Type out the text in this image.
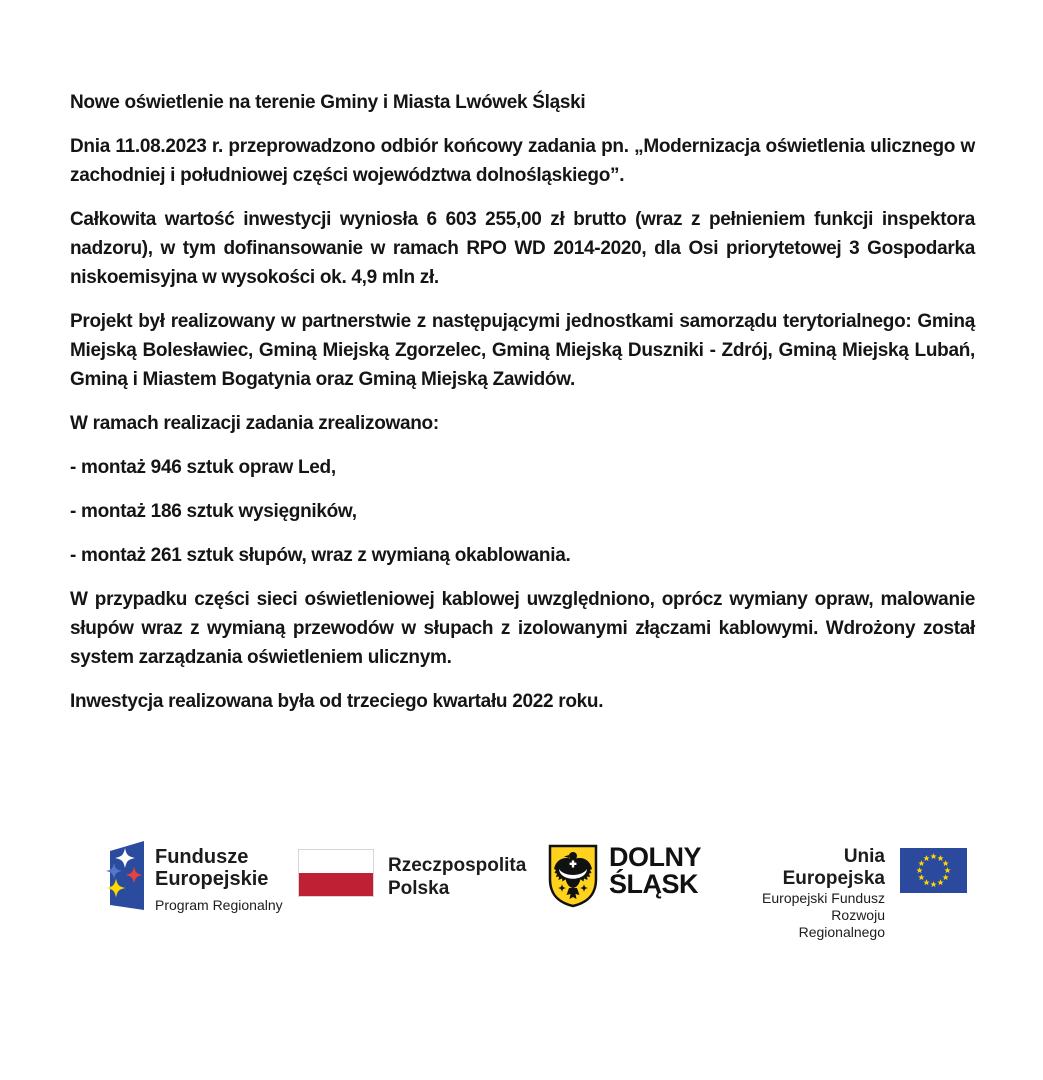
Nowe oświetlenie na terenie Gminy i Miasta Lwówek Śląski

Dnia 11.08.2023 r. przeprowadzono odbiór końcowy zadania pn. „Modernizacja oświetlenia ulicznego w zachodniej i południowej części województwa dolnośląskiego”.

Całkowita wartość inwestycji wyniosła 6 603 255,00 zł brutto (wraz z pełnieniem funkcji inspektora nadzoru), w tym dofinansowanie w ramach RPO WD 2014-2020, dla Osi priorytetowej 3 Gospodarka niskoemisyjna w wysokości ok. 4,9 mln zł.

Projekt był realizowany w partnerstwie z następującymi jednostkami samorządu terytorialnego: Gminą Miejską Bolesławiec, Gminą Miejską Zgorzelec, Gminą Miejską Duszniki - Zdrój, Gminą Miejską Lubań, Gminą i Miastem Bogatynia oraz Gminą Miejską Zawidów.

W ramach realizacji zadania zrealizowano:

- montaż 946 sztuk opraw Led,

- montaż 186 sztuk wysięgników,

- montaż 261 sztuk słupów, wraz z wymianą okablowania.

W przypadku części sieci oświetleniowej kablowej uwzględniono, oprócz wymiany opraw, malowanie słupów wraz z wymianą przewodów w słupach z izolowanymi złączami kablowymi. Wdrożony został system zarządzania oświetleniem ulicznym.

Inwestycja realizowana była od trzeciego kwartału 2022 roku.

Fundusze
Europejskie
Program Regionalny
Rzeczpospolita
Polska
DOLNY
ŚLĄSK
Unia Europejska
Europejski Fundusz
Rozwoju Regionalnego
